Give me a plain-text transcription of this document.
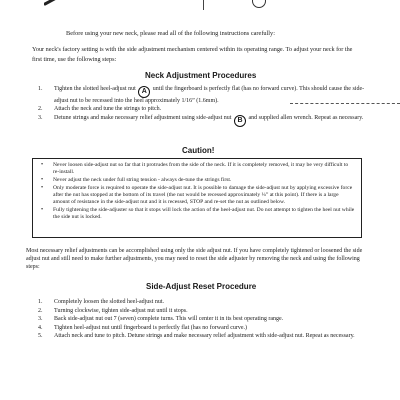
Before using your new neck, please read all of the following instructions carefully:
Your neck's factory setting is with the side adjustment mechanism centered within its operating range. To adjust your neck for the first time, use the following steps:
Neck Adjustment Procedures
1. Tighten the slotted heel-adjust nut A until the fingerboard is perfectly flat (has no forward curve). This should cause the side-adjust nut to be recessed into the heel approximately 1/16” (1.6mm).
2. Attach the neck and tune the strings to pitch.
3. Detune strings and make necessary relief adjustment using side-adjust nut B and supplied allen wrench. Repeat as necessary.
Caution!
• Never loosen side-adjust nut so far that it protrudes from the side of the neck. If it is completely removed, it may be very difficult to re-install.
• Never adjust the neck under full string tension - always de-tune the strings first.
• Only moderate force is required to operate the side-adjust nut. It is possible to damage the side-adjust nut by applying excessive force after the nut has stopped at the bottom of its travel (the nut would be recessed approximately ¼” at this point). If there is a large amount of resistance in the side-adjust nut and it is recessed, STOP and re-set the nut as outlined below.
• Fully tightening the side-adjuster so that it stops will lock the action of the heel-adjust nut. Do not attempt to tighten the heel nut while the side nut is locked.
Most necessary relief adjustments can be accomplished using only the side adjust nut. If you have completely tightened or loosened the side adjust nut and still need to make further adjustments, you may need to reset the side adjuster by removing the neck and using the following steps:
Side-Adjust Reset Procedure
1. Completely loosen the slotted heel-adjust nut.
2. Turning clockwise, tighten side-adjust nut until it stops.
3. Back side-adjust nut out 7 (seven) complete turns. This will center it in its best operating range.
4. Tighten heel-adjust nut until fingerboard is perfectly flat (has no forward curve.)
5. Attach neck and tune to pitch. Detune strings and make necessary relief adjustment with side-adjust nut. Repeat as necessary.
